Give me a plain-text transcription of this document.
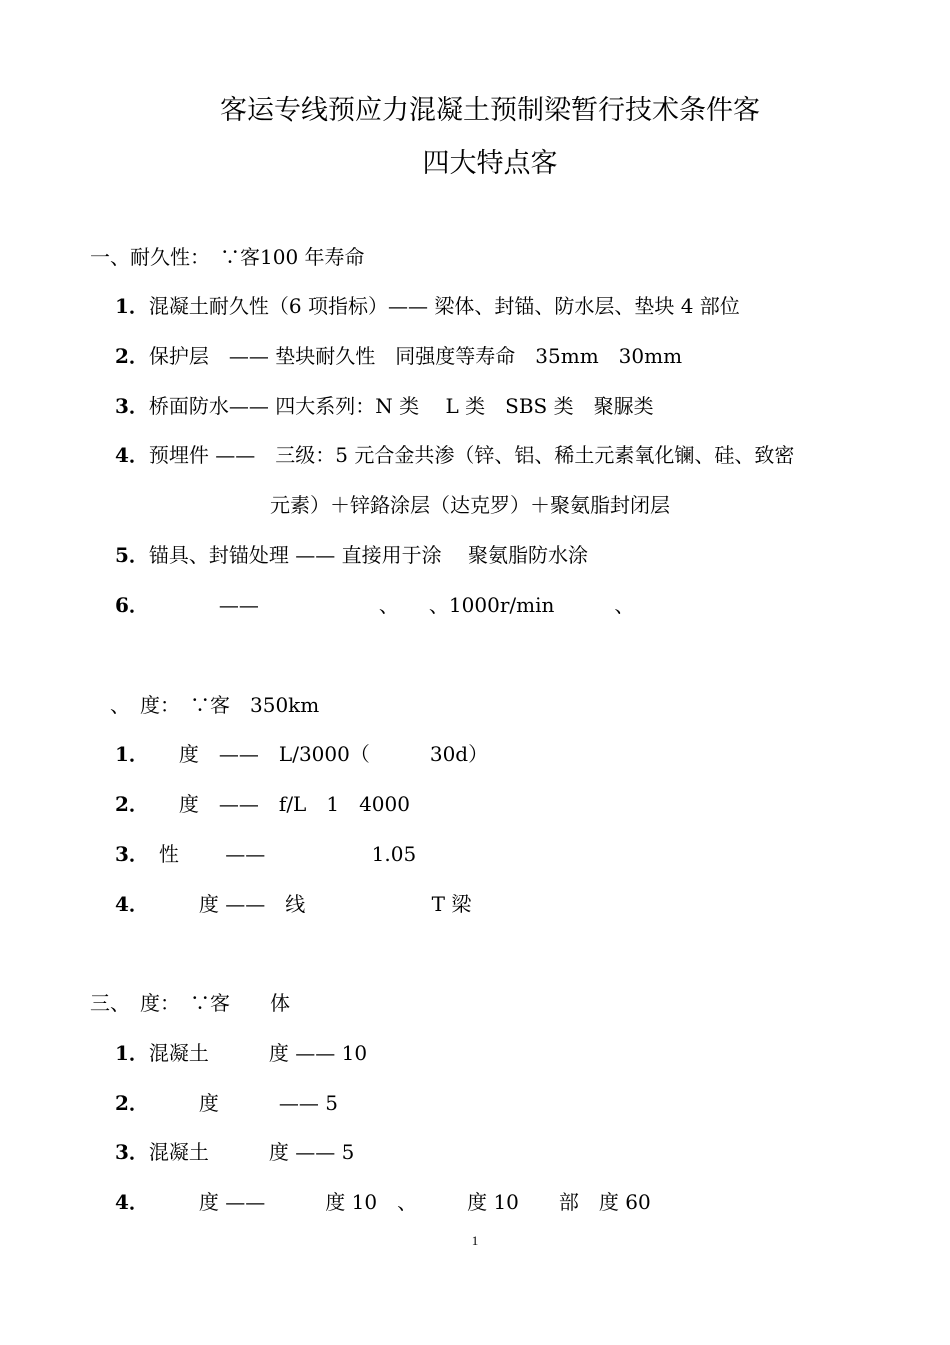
客运专线预应力混凝土预制梁暂行技术条件客
四大特点客
一、耐久性：　∵客100 年寿命
1．混凝土耐久性（6 项指标）—— 梁体、封锚、防水层、垫块 4 部位
2．保护层　—— 垫块耐久性　同强度等寿命　35mm　30mm
3．桥面防水—— 四大系列：N 类　 L 类　SBS 类　聚脲类
4．预埋件 ——　三级：5 元合金共渗（锌、铝、稀土元素氧化镧、硅、致密
元素）＋锌鉻涂层（达克罗）＋聚氨脂封闭层
5．锚具、封锚处理 —— 直接用于涂　 聚氨脂防水涂
6．　　　　——　　　　　　、　　、1000r/min　　　、　　　　
　、　度：　∵客　350km　　　　
1．　　度　——　L/3000（　　　30d）　　　　　　
2．　　度　——　f/L　1　4000
3．　性　　 —— 　　　　　1.05　　
4．　　　度 ——　线　　　 　　　T 梁　　　　
三、　度：　∵客　　体
1．混凝土　　　度 —— 10　　　
2．　　　度　　　—— 5　　　
3．混凝土　　　度 —— 5　　　
4．　　　度 ——　　　度 10　、　　　度 10　　部　度 60
1
